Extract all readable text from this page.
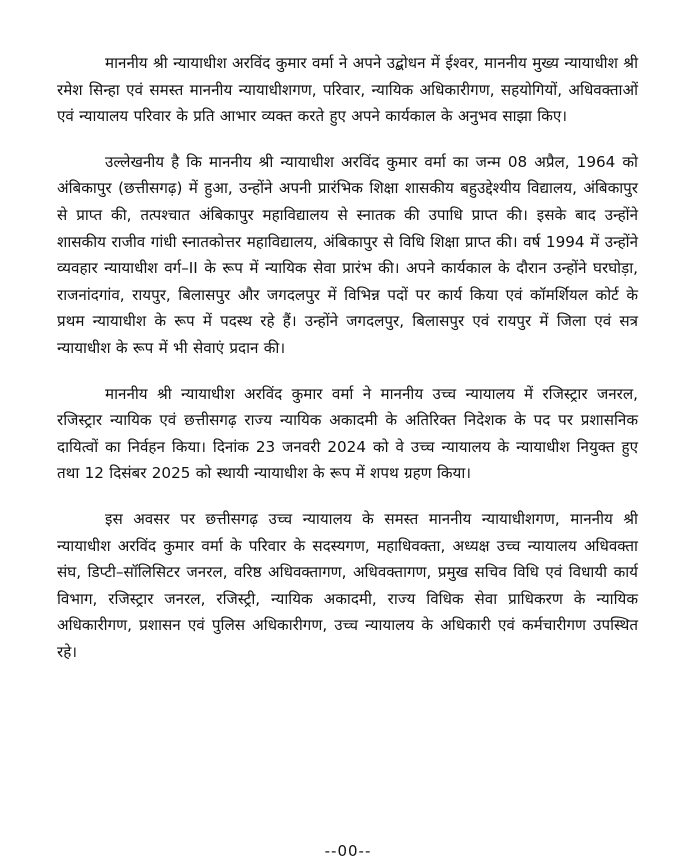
माननीय श्री न्यायाधीश अरविंद कुमार वर्मा ने अपने उद्बोधन में ईश्वर, माननीय मुख्य न्यायाधीश श्री रमेश सिन्हा एवं समस्त माननीय न्यायाधीशगण, परिवार, न्यायिक अधिकारीगण, सहयोगियों, अधिवक्ताओं एवं न्यायालय परिवार के प्रति आभार व्यक्त करते हुए अपने कार्यकाल के अनुभव साझा किए।

उल्लेखनीय है कि माननीय श्री न्यायाधीश अरविंद कुमार वर्मा का जन्म 08 अप्रैल, 1964 को अंबिकापुर (छत्तीसगढ़) में हुआ, उन्होंने अपनी प्रारंभिक शिक्षा शासकीय बहुउद्देश्यीय विद्यालय, अंबिकापुर से प्राप्त की, तत्पश्चात अंबिकापुर महाविद्यालय से स्नातक की उपाधि प्राप्त की। इसके बाद उन्होंने शासकीय राजीव गांधी स्नातकोत्तर महाविद्यालय, अंबिकापुर से विधि शिक्षा प्राप्त की। वर्ष 1994 में उन्होंने व्यवहार न्यायाधीश वर्ग–II के रूप में न्यायिक सेवा प्रारंभ की। अपने कार्यकाल के दौरान उन्होंने घरघोड़ा, राजनांदगांव, रायपुर, बिलासपुर और जगदलपुर में विभिन्न पदों पर कार्य किया एवं कॉमर्शियल कोर्ट के प्रथम न्यायाधीश के रूप में पदस्थ रहे हैं। उन्होंने जगदलपुर, बिलासपुर एवं रायपुर में जिला एवं सत्र न्यायाधीश के रूप में भी सेवाएं प्रदान की।

माननीय श्री न्यायाधीश अरविंद कुमार वर्मा ने माननीय उच्च न्यायालय में रजिस्ट्रार जनरल, रजिस्ट्रार न्यायिक एवं छत्तीसगढ़ राज्य न्यायिक अकादमी के अतिरिक्त निदेशक के पद पर प्रशासनिक दायित्वों का निर्वहन किया। दिनांक 23 जनवरी 2024 को वे उच्च न्यायालय के न्यायाधीश नियुक्त हुए तथा 12 दिसंबर 2025 को स्थायी न्यायाधीश के रूप में शपथ ग्रहण किया।

इस अवसर पर छत्तीसगढ़ उच्च न्यायालय के समस्त माननीय न्यायाधीशगण, माननीय श्री न्यायाधीश अरविंद कुमार वर्मा के परिवार के सदस्यगण, महाधिवक्ता, अध्यक्ष उच्च न्यायालय अधिवक्ता संघ, डिप्टी–सॉलिसिटर जनरल, वरिष्ठ अधिवक्तागण, अधिवक्तागण, प्रमुख सचिव विधि एवं विधायी कार्य विभाग, रजिस्ट्रार जनरल, रजिस्ट्री, न्यायिक अकादमी, राज्य विधिक सेवा प्राधिकरण के न्यायिक अधिकारीगण, प्रशासन एवं पुलिस अधिकारीगण, उच्च न्यायालय के अधिकारी एवं कर्मचारीगण उपस्थित रहे।

--00--
